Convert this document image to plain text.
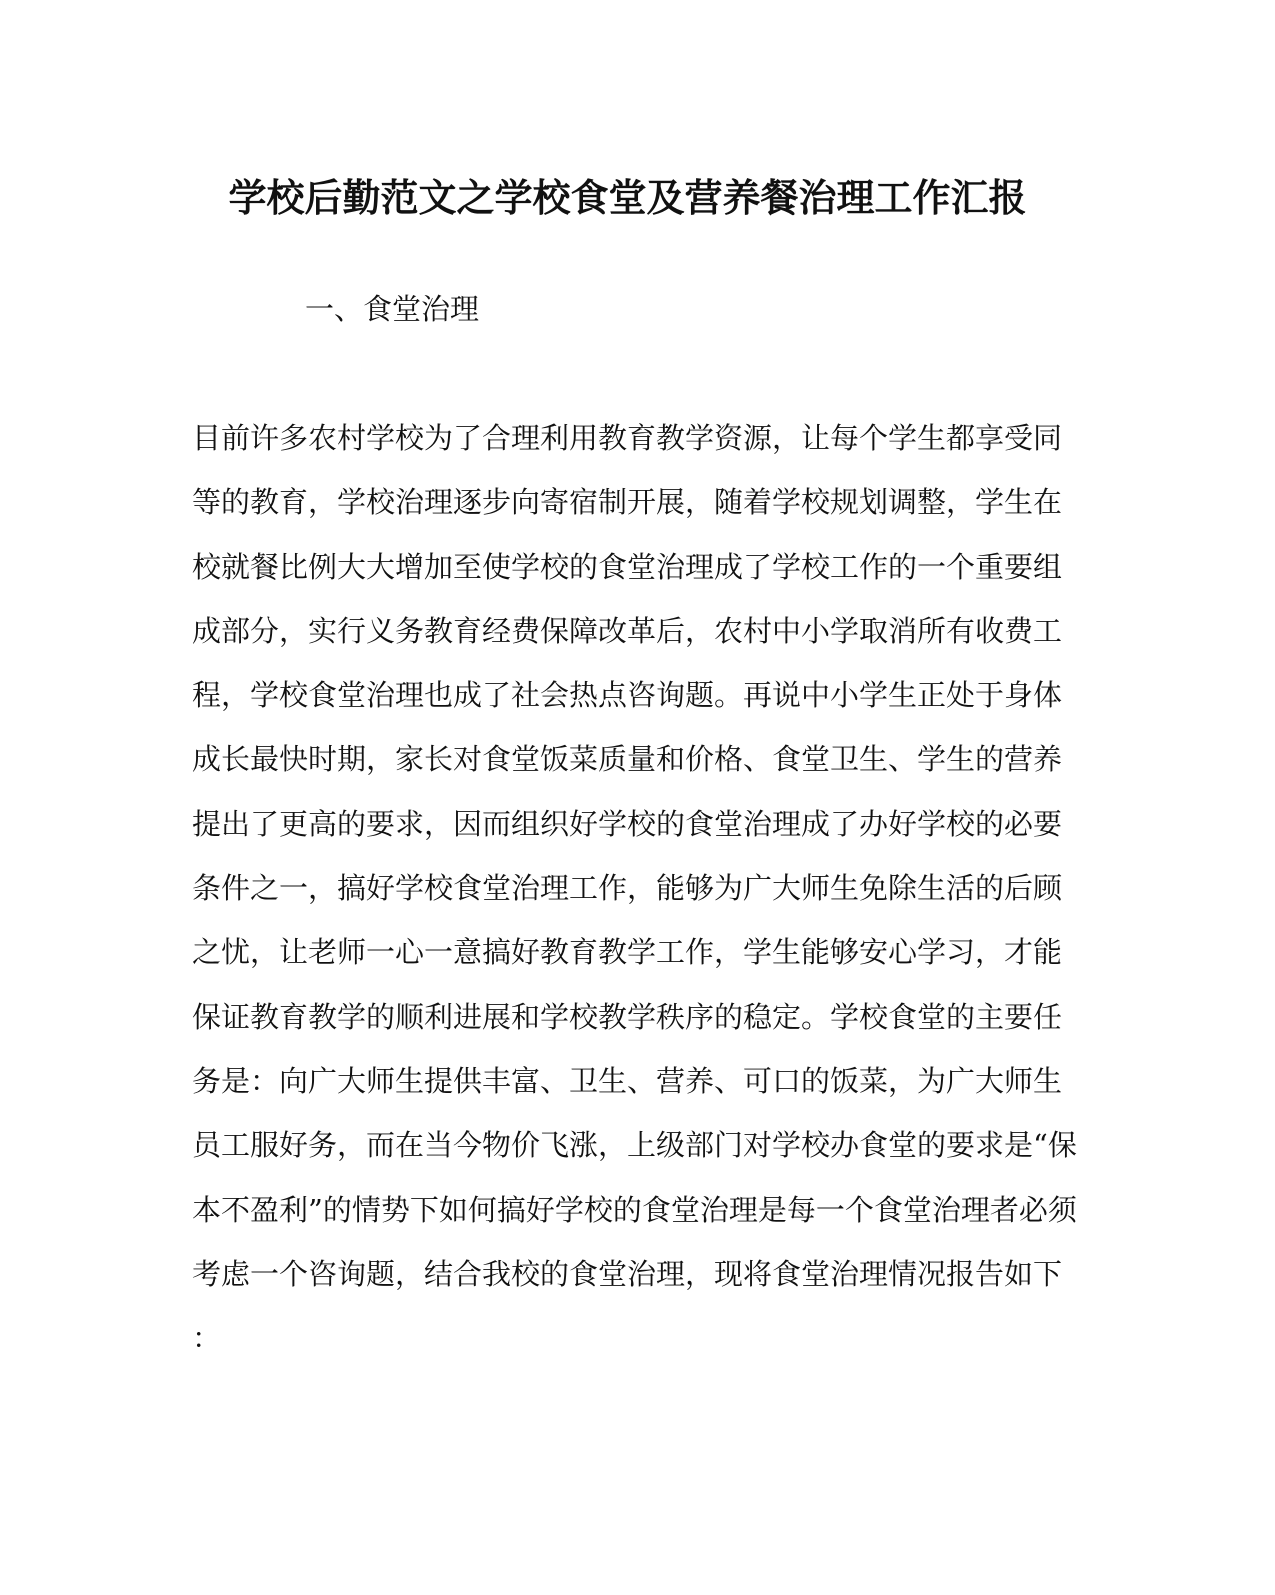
学校后勤范文之学校食堂及营养餐治理工作汇报
一、食堂治理
目前许多农村学校为了合理利用教育教学资源，让每个学生都享受同
等的教育，学校治理逐步向寄宿制开展，随着学校规划调整，学生在
校就餐比例大大增加至使学校的食堂治理成了学校工作的一个重要组
成部分，实行义务教育经费保障改革后，农村中小学取消所有收费工
程，学校食堂治理也成了社会热点咨询题。再说中小学生正处于身体
成长最快时期，家长对食堂饭菜质量和价格、食堂卫生、学生的营养
提出了更高的要求，因而组织好学校的食堂治理成了办好学校的必要
条件之一，搞好学校食堂治理工作，能够为广大师生免除生活的后顾
之忧，让老师一心一意搞好教育教学工作，学生能够安心学习，才能
保证教育教学的顺利进展和学校教学秩序的稳定。学校食堂的主要任
务是：向广大师生提供丰富、卫生、营养、可口的饭菜，为广大师生
员工服好务，而在当今物价飞涨，上级部门对学校办食堂的要求是“保
本不盈利”的情势下如何搞好学校的食堂治理是每一个食堂治理者必须
考虑一个咨询题，结合我校的食堂治理，现将食堂治理情况报告如下
：
